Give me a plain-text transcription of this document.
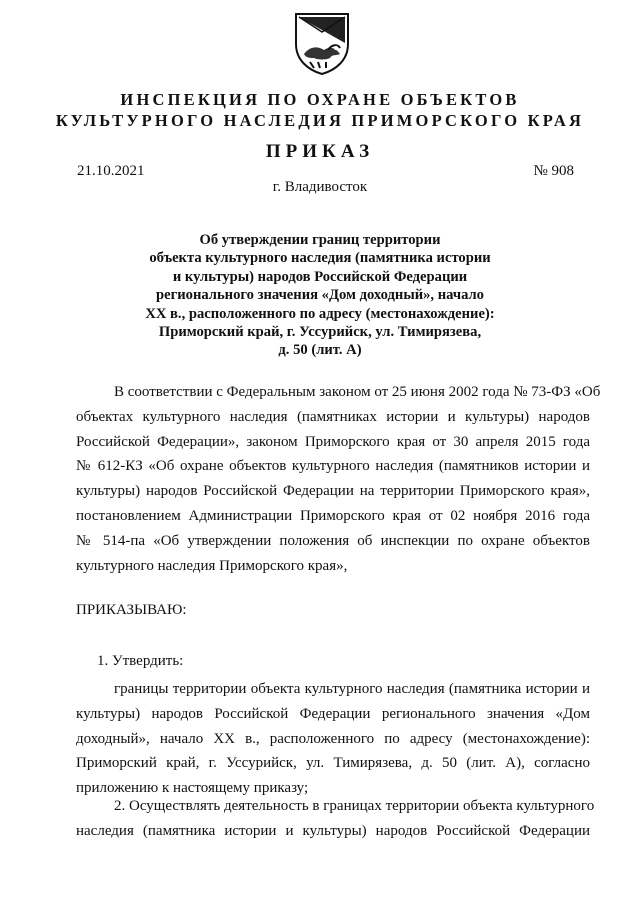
ИНСПЕКЦИЯ ПО ОХРАНЕ ОБЪЕКТОВ
КУЛЬТУРНОГО НАСЛЕДИЯ ПРИМОРСКОГО КРАЯ
ПРИКАЗ
21.10.2021	№ 908
г. Владивосток
Об утверждении границ территории
объекта культурного наследия (памятника истории
и культуры) народов Российской Федерации
регионального значения «Дом доходный», начало
XX в., расположенного по адресу (местонахождение):
Приморский край, г. Уссурийск, ул. Тимирязева,
д. 50 (лит. А)
В соответствии с Федеральным законом от 25 июня 2002 года № 73-ФЗ «Об
объектах культурного наследия (памятниках истории и культуры) народов
Российской Федерации», законом Приморского края от 30 апреля 2015 года
№ 612-КЗ «Об охране объектов культурного наследия (памятников истории и
культуры) народов Российской Федерации на территории Приморского края»,
постановлением Администрации Приморского края от 02 ноября 2016 года
№ 514-па «Об утверждении положения об инспекции по охране объектов
культурного наследия Приморского края»,
ПРИКАЗЫВАЮ:
1. Утвердить:
границы территории объекта культурного наследия (памятника истории и
культуры) народов Российской Федерации регионального значения «Дом
доходный», начало XX в., расположенного по адресу (местонахождение):
Приморский край, г. Уссурийск, ул. Тимирязева, д. 50 (лит. А), согласно
приложению к настоящему приказу;
2. Осуществлять деятельность в границах территории объекта культурного
наследия (памятника истории и культуры) народов Российской Федерации
